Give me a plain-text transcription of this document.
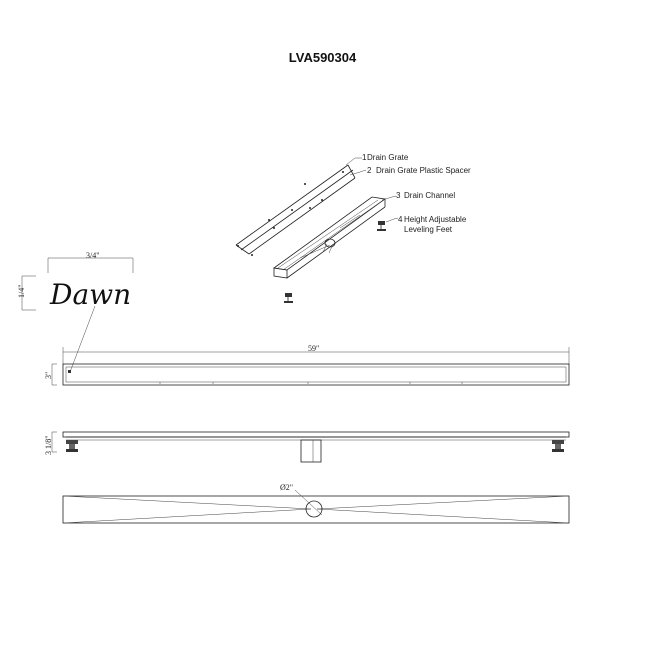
LVA590304
1 Drain Grate
2 Drain Grate Plastic Spacer
3 Drain Channel
4 Height Adjustable
Leveling Feet
3/4"
1/4" Dawn
59"
3"
3 1/8"
Ø2"
